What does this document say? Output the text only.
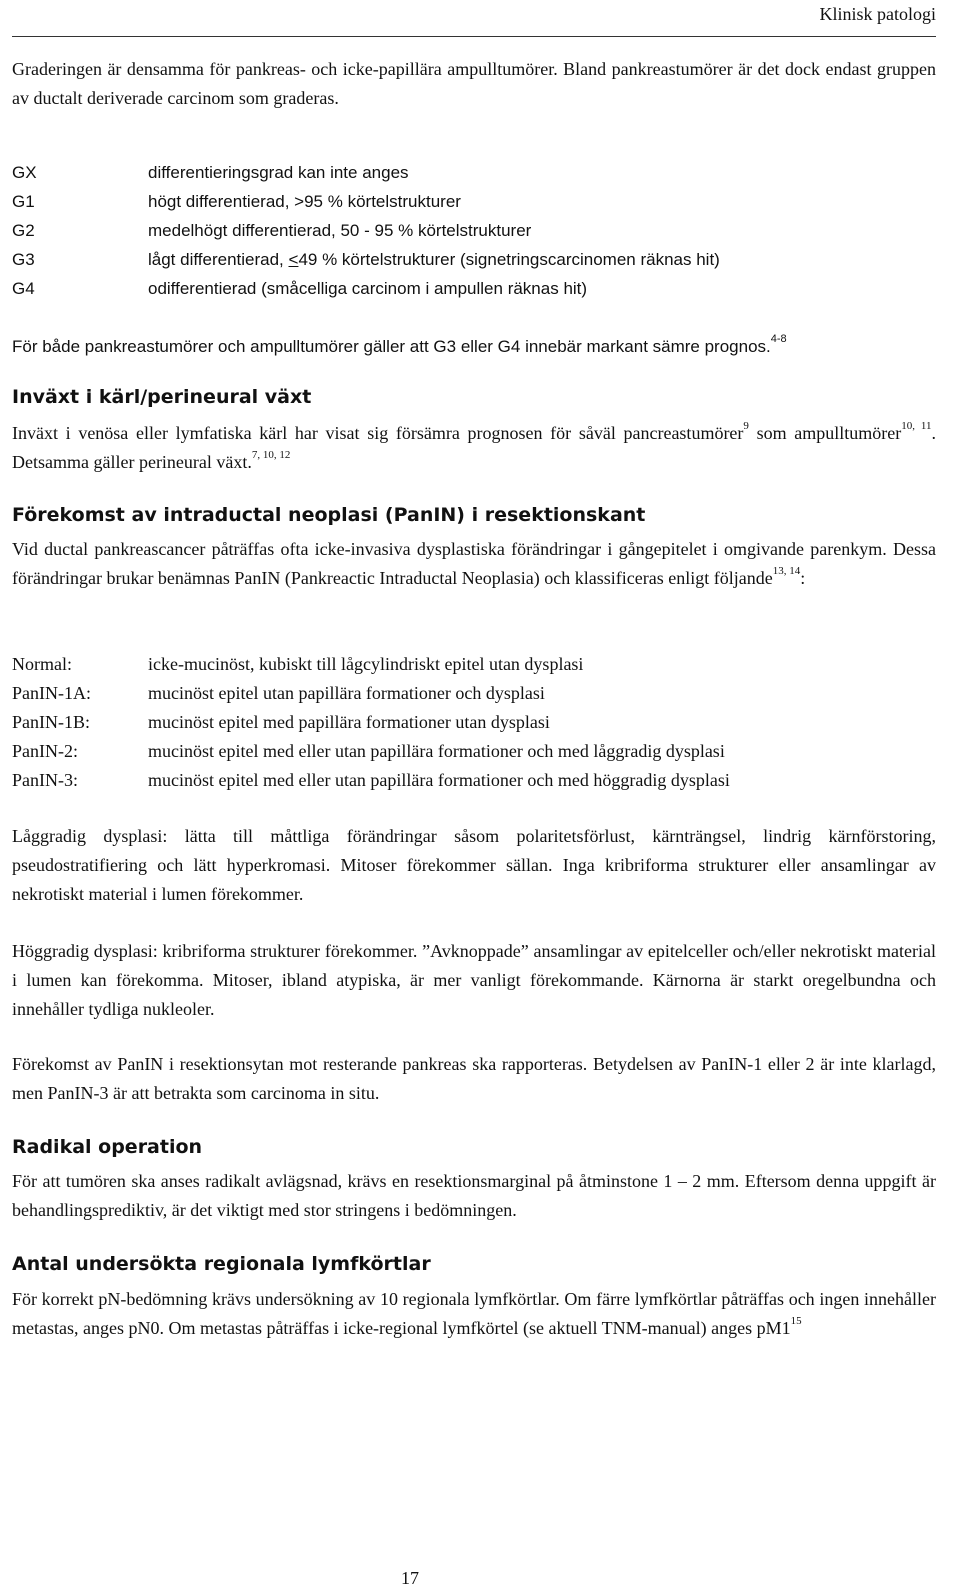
Klinisk patologi

Graderingen är densamma för pankreas- och icke-papillära ampulltumörer. Bland pankreastumörer är det dock endast gruppen av ductalt deriverade carcinom som graderas.

GX	differentieringsgrad kan inte anges
G1	högt differentierad, >95 % körtelstrukturer
G2	medelhögt differentierad, 50 - 95 % körtelstrukturer
G3	lågt differentierad, <49 % körtelstrukturer (signetringscarcinomen räknas hit)
G4	odifferentierad (småcelliga carcinom i ampullen räknas hit)

För både pankreastumörer och ampulltumörer gäller att G3 eller G4 innebär markant sämre prognos.$^{4-8}$

Inväxt i kärl/perineural växt

Inväxt i venösa eller lymfatiska kärl har visat sig försämra prognosen för såväl pancreastumörer$^9$ som ampulltumörer$^{10, 11}$. Detsamma gäller perineural växt.$^{7, 10, 12}$

Förekomst av intraductal neoplasi (PanIN) i resektionskant

Vid ductal pankreascancer påträffas ofta icke-invasiva dysplastiska förändringar i gångepitelet i omgivande parenkym. Dessa förändringar brukar benämnas PanIN (Pankreactic Intraductal Neoplasia) och klassificeras enligt följande$^{13, 14}$:

Normal:	icke-mucinöst, kubiskt till lågcylindriskt epitel utan dysplasi
PanIN-1A:	mucinöst epitel utan papillära formationer och dysplasi
PanIN-1B:	mucinöst epitel med papillära formationer utan dysplasi
PanIN-2:	mucinöst epitel med eller utan papillära formationer och med låggradig dysplasi
PanIN-3:	mucinöst epitel med eller utan papillära formationer och med höggradig dysplasi

Låggradig dysplasi: lätta till måttliga förändringar såsom polaritetsförlust, kärnträngsel, lindrig kärnförstoring, pseudostratifiering och lätt hyperkromasi. Mitoser förekommer sällan. Inga kribriforma strukturer eller ansamlingar av nekrotiskt material i lumen förekommer.

Höggradig dysplasi: kribriforma strukturer förekommer. ”Avknoppade” ansamlingar av epitelceller och/eller nekrotiskt material i lumen kan förekomma. Mitoser, ibland atypiska, är mer vanligt förekommande. Kärnorna är starkt oregelbundna och innehåller tydliga nukleoler.

Förekomst av PanIN i resektionsytan mot resterande pankreas ska rapporteras. Betydelsen av PanIN-1 eller 2 är inte klarlagd, men PanIN-3 är att betrakta som carcinoma in situ.

Radikal operation

För att tumören ska anses radikalt avlägsnad, krävs en resektionsmarginal på åtminstone 1 – 2 mm. Eftersom denna uppgift är behandlingsprediktiv, är det viktigt med stor stringens i bedömningen.

Antal undersökta regionala lymfkörtlar

För korrekt pN-bedömning krävs undersökning av 10 regionala lymfkörtlar. Om färre lymfkörtlar påträffas och ingen innehåller metastas, anges pN0. Om metastas påträffas i icke-regional lymfkörtel (se aktuell TNM-manual) anges $pM1^{15}$

17
